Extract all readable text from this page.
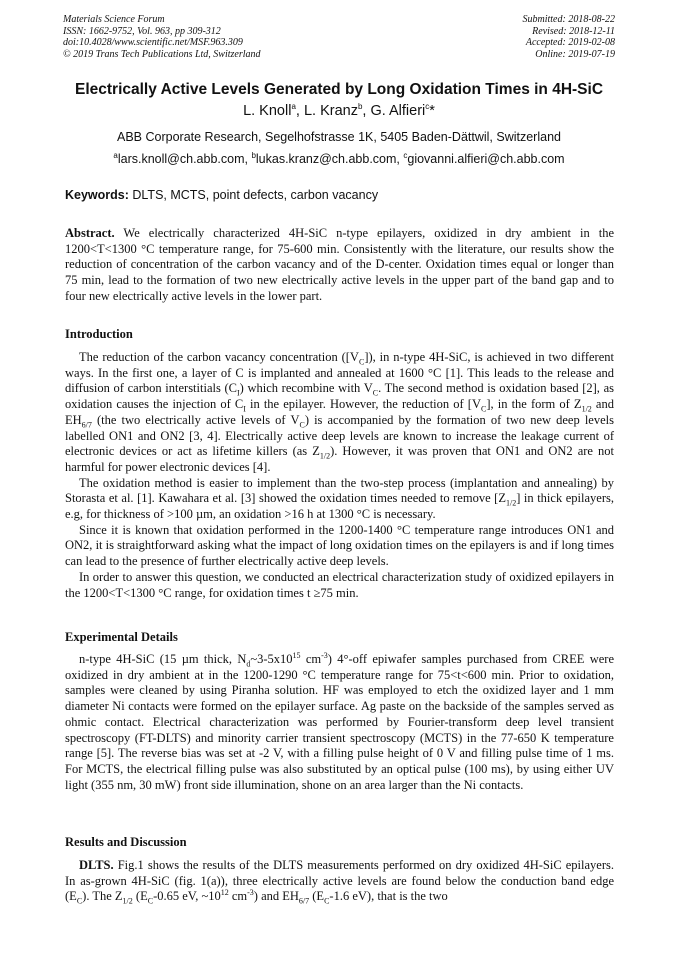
Materials Science Forum
ISSN: 1662-9752, Vol. 963, pp 309-312
doi:10.4028/www.scientific.net/MSF.963.309
© 2019 Trans Tech Publications Ltd, Switzerland
Submitted: 2018-08-22
Revised: 2018-12-11
Accepted: 2019-02-08
Online: 2019-07-19
Electrically Active Levels Generated by Long Oxidation Times in 4H-SiC
L. Knoll$^a$, L. Kranz$^b$, G. Alfieri$^c$*
ABB Corporate Research, Segelhofstrasse 1K, 5405 Baden-Dättwil, Switzerland
$^a$lars.knoll@ch.abb.com, $^b$lukas.kranz@ch.abb.com, $^c$giovanni.alfieri@ch.abb.com
Keywords: DLTS, MCTS, point defects, carbon vacancy

Abstract. We electrically characterized 4H-SiC n-type epilayers, oxidized in dry ambient in the 1200<T<1300 °C temperature range, for 75-600 min. Consistently with the literature, our results show the reduction of concentration of the carbon vacancy and of the D-center. Oxidation times equal or longer than 75 min, lead to the formation of two new electrically active levels in the upper part of the band gap and to four new electrically active levels in the lower part.

Introduction

The reduction of the carbon vacancy concentration $([V_C])$, in n-type 4H-SiC, is achieved in two different ways. In the first one, a layer of C is implanted and annealed at 1600 °C [1]. This leads to the release and diffusion of carbon interstitials $(C_I)$ which recombine with $V_C$. The second method is oxidation based [2], as oxidation causes the injection of $C_I$ in the epilayer. However, the reduction of $[V_C]$, in the form of $Z_{1/2}$ and $EH_{6/7}$ (the two electrically active levels of $V_C$) is accompanied by the formation of two new deep levels labelled ON1 and ON2 [3, 4]. Electrically active deep levels are known to increase the leakage current of electronic devices or act as lifetime killers (as $Z_{1/2}$). However, it was proven that ON1 and ON2 are not harmful for power electronic devices [4].

The oxidation method is easier to implement than the two-step process (implantation and annealing) by Storasta et al. [1]. Kawahara et al. [3] showed the oxidation times needed to remove $[Z_{1/2}]$ in thick epilayers, e.g, for thickness of >100 µm, an oxidation >16 h at 1300 °C is necessary.

Since it is known that oxidation performed in the 1200-1400 °C temperature range introduces ON1 and ON2, it is straightforward asking what the impact of long oxidation times on the epilayers is and if long times can lead to the presence of further electrically active deep levels.

In order to answer this question, we conducted an electrical characterization study of oxidized epilayers in the 1200<T<1300 °C range, for oxidation times t ≥75 min.

Experimental Details

n-type 4H-SiC (15 µm thick, $N_d\sim 3-5x10^{15}$ $cm^{-3}$) 4°-off epiwafer samples purchased from CREE were oxidized in dry ambient at in the 1200-1290 °C temperature range for 75<t<600 min. Prior to oxidation, samples were cleaned by using Piranha solution. HF was employed to etch the oxidized layer and 1 mm diameter Ni contacts were formed on the epilayer surface. Ag paste on the backside of the samples served as ohmic contact. Electrical characterization was performed by Fourier-transform deep level transient spectroscopy (FT-DLTS) and minority carrier transient spectroscopy (MCTS) in the 77-650 K temperature range [5]. The reverse bias was set at -2 V, with a filling pulse height of 0 V and filling pulse time of 1 ms. For MCTS, the electrical filling pulse was also substituted by an optical pulse (100 ms), by using either UV light (355 nm, 30 mW) front side illumination, shone on an area larger than the Ni contacts.

Results and Discussion

DLTS. Fig.1 shows the results of the DLTS measurements performed on dry oxidized 4H-SiC epilayers. In as-grown 4H-SiC (fig. 1(a)), three electrically active levels are found below the conduction band edge $(E_C)$. The $Z_{1/2}$ ($E_C-0.65$ eV, $\sim 10^{12}$ $cm^{-3}$) and $EH_{6/7}$ ($E_C-1.6$ eV), that is the two
